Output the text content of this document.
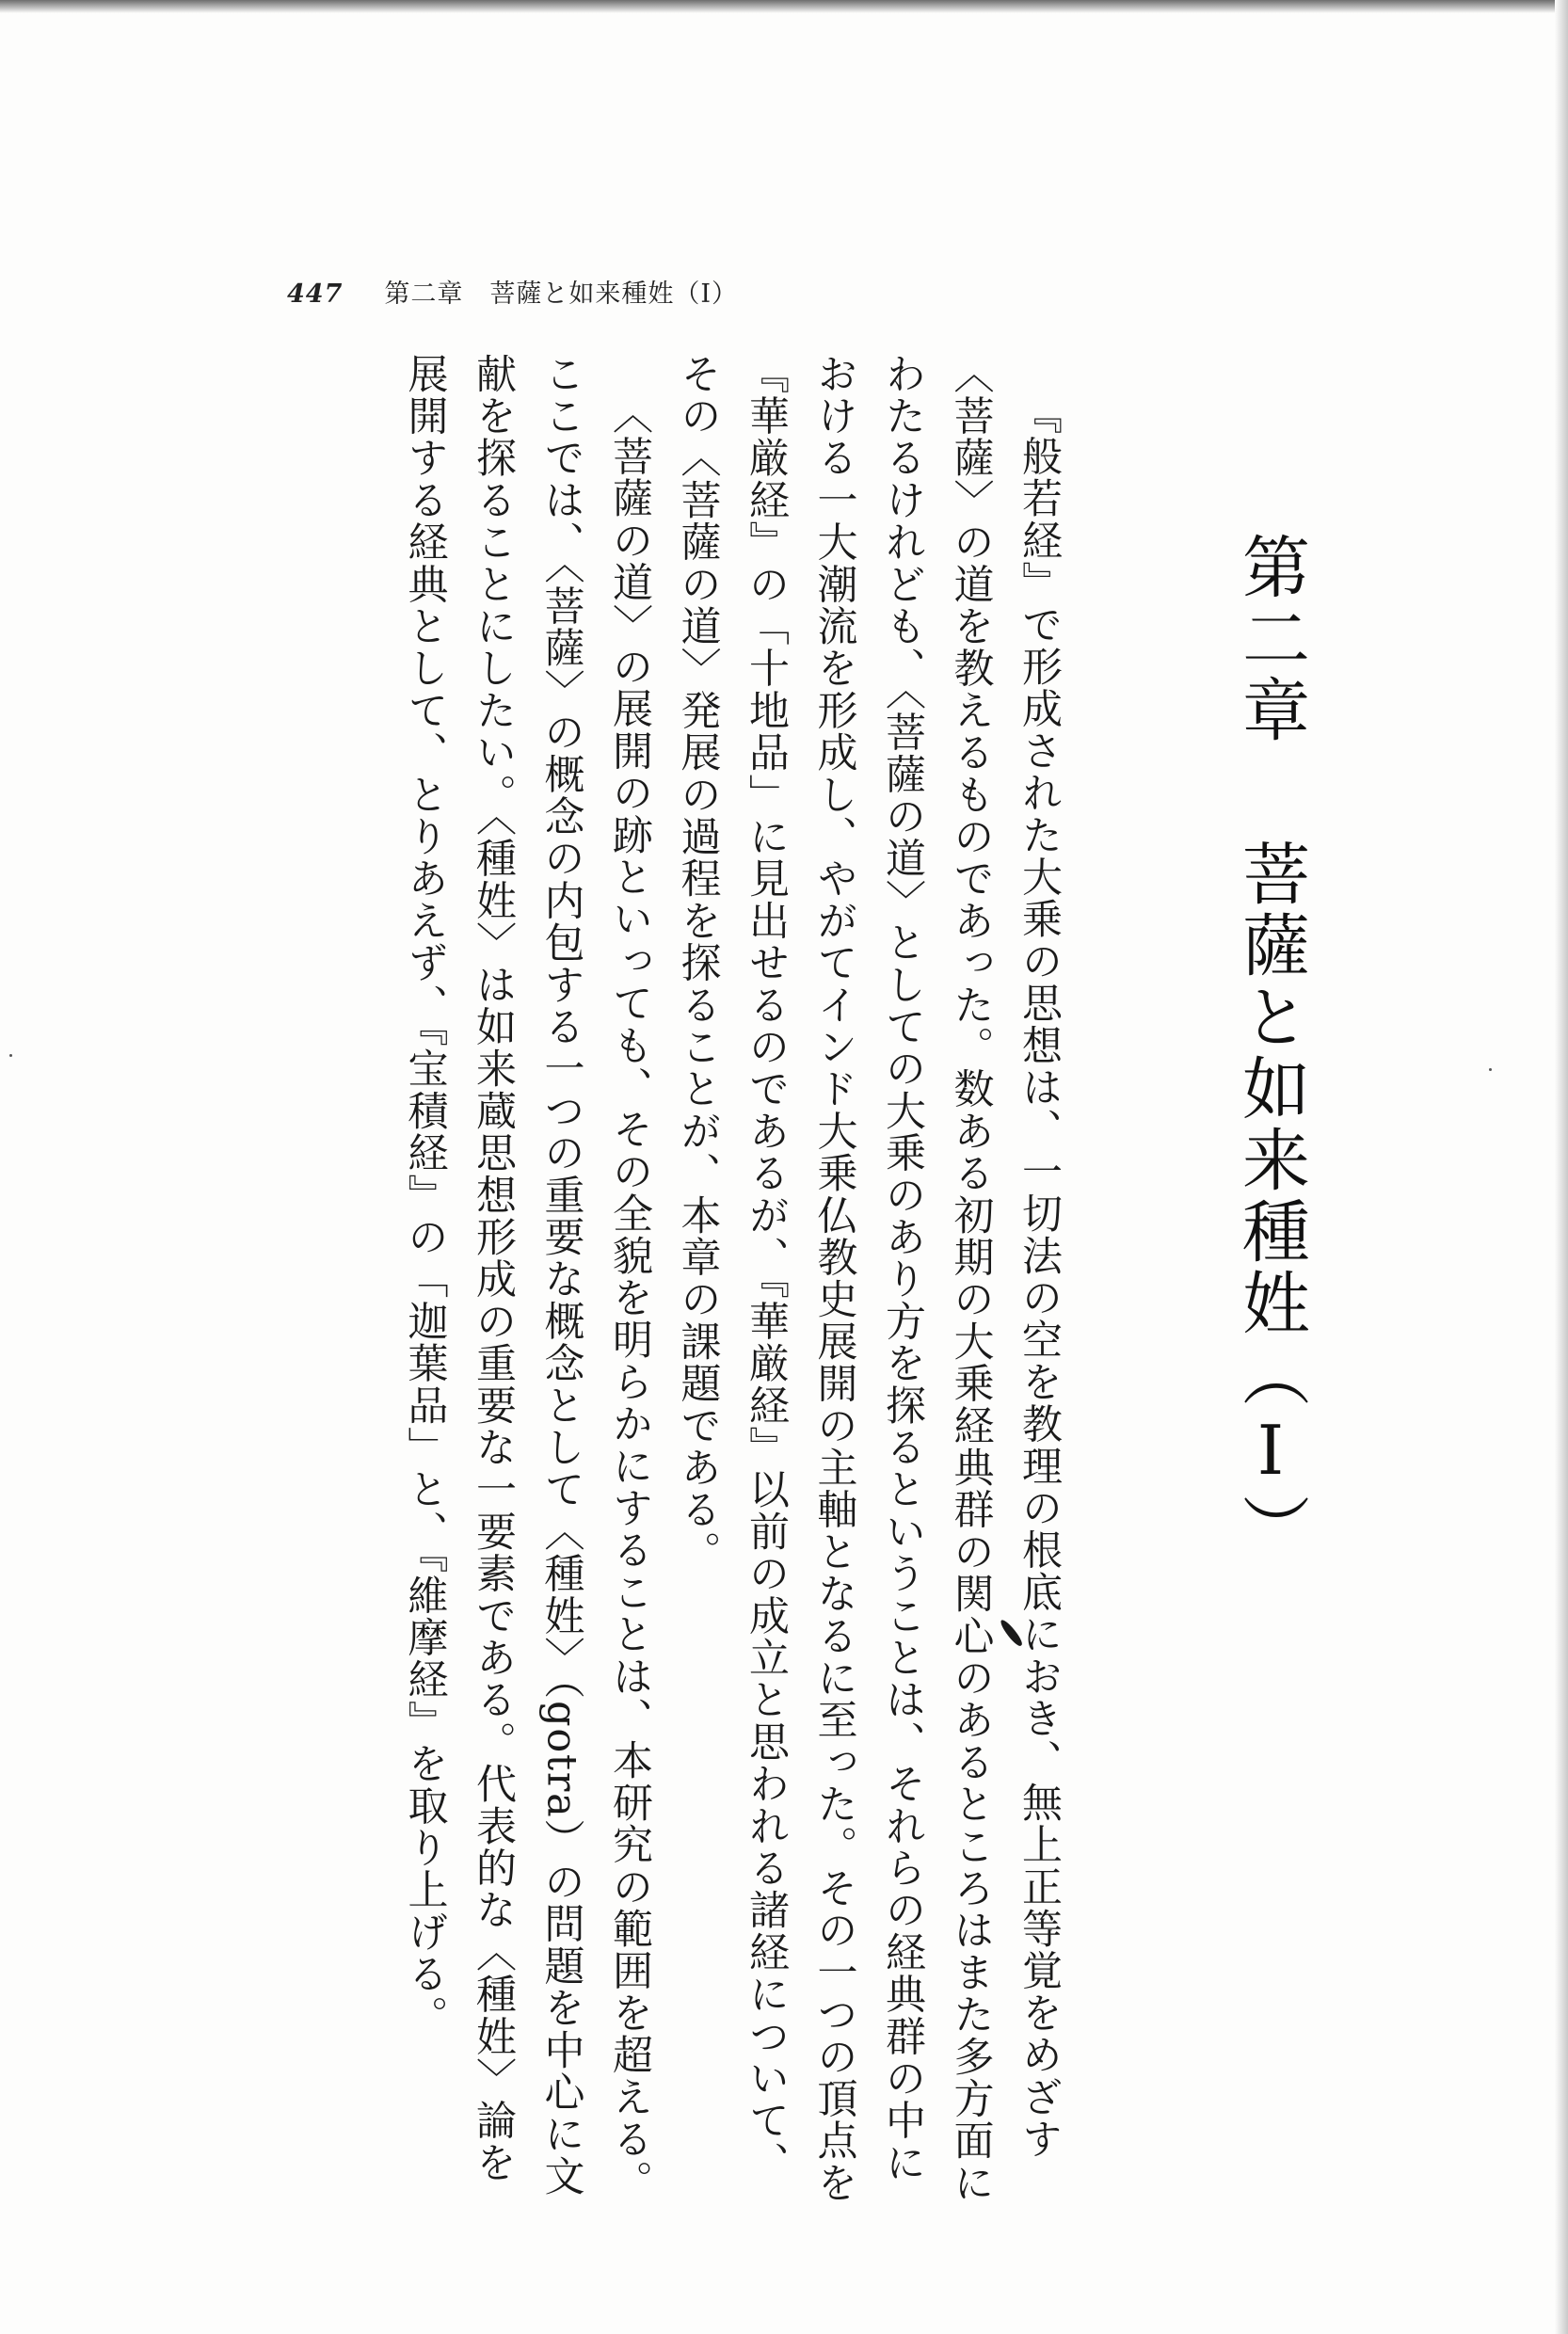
447 第二章　 菩薩と如来種姓（Ⅰ）
第二章菩薩と如来種姓（Ⅰ）

『般若経』で形成された大乗の思想は、一切法の空を教理の根底におき、無上正等覚をめざす〈菩薩〉の道を教えるものであった。数ある初期の大乗経典群の関心のあるところはまた多方面にわたるけれども、〈菩薩の道〉としての大乗のあり方を探るということは、それらの経典群の中における一大潮流を形成し、やがてインド大乗仏教史展開の主軸となるに至った。その一つの頂点を『華厳経』の「十地品」に見出せるのであるが、『華厳経』以前の成立と思われる諸経について、その〈菩薩の道〉発展の過程を探ることが、本章の課題である。

〈菩薩の道〉の展開の跡といっても、その全貌を明らかにすることは、本研究の範囲を超える。ここでは、〈菩薩〉の概念の内包する一つの重要な概念として〈種姓〉（gotra）の問題を中心に文献を探ることにしたい。〈種姓〉は如来蔵思想形成の重要な一要素である。代表的な〈種姓〉論を展開する経典として、とりあえず、『宝積経』の「迦葉品」と、『維摩経』を取り上げる。
